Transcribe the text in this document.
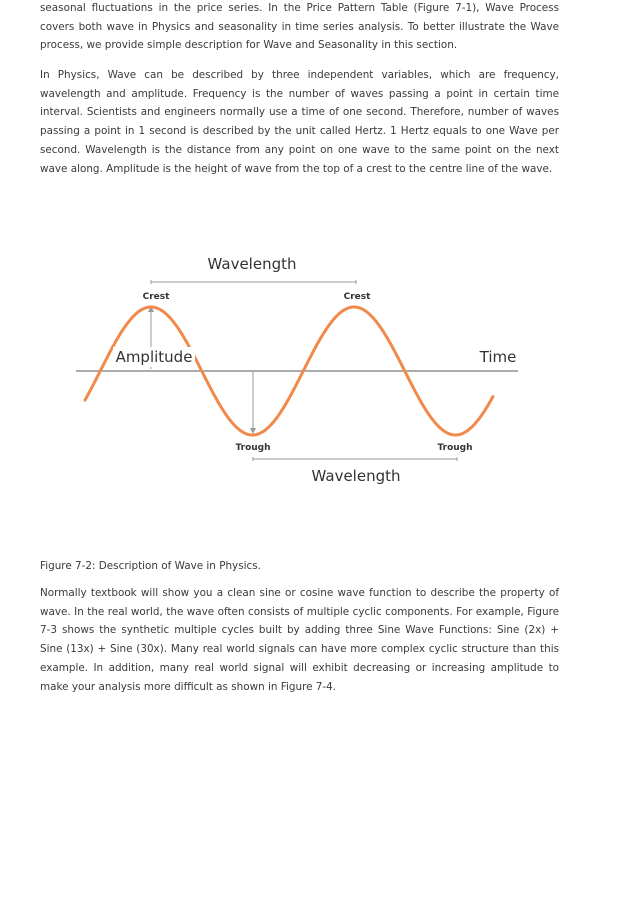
seasonal fluctuations in the price series. In the Price Pattern Table (Figure 7-1), Wave Process covers both wave in Physics and seasonality in time series analysis. To better illustrate the Wave process, we provide simple description for Wave and Seasonality in this section.

In Physics, Wave can be described by three independent variables, which are frequency, wavelength and amplitude. Frequency is the number of waves passing a point in certain time interval. Scientists and engineers normally use a time of one second. Therefore, number of waves passing a point in 1 second is described by the unit called Hertz. 1 Hertz equals to one Wave per second. Wavelength is the distance from any point on one wave to the same point on the next wave along. Amplitude is the height of wave from the top of a crest to the centre line of the wave.

Wavelength
Crest	Crest
Amplitude	Time
Trough	Trough
Wavelength

Figure 7-2: Description of Wave in Physics.

Normally textbook will show you a clean sine or cosine wave function to describe the property of wave. In the real world, the wave often consists of multiple cyclic components. For example, Figure 7-3 shows the synthetic multiple cycles built by adding three Sine Wave Functions: Sine (2x) + Sine (13x) + Sine (30x). Many real world signals can have more complex cyclic structure than this example. In addition, many real world signal will exhibit decreasing or increasing amplitude to make your analysis more difficult as shown in Figure 7-4.
